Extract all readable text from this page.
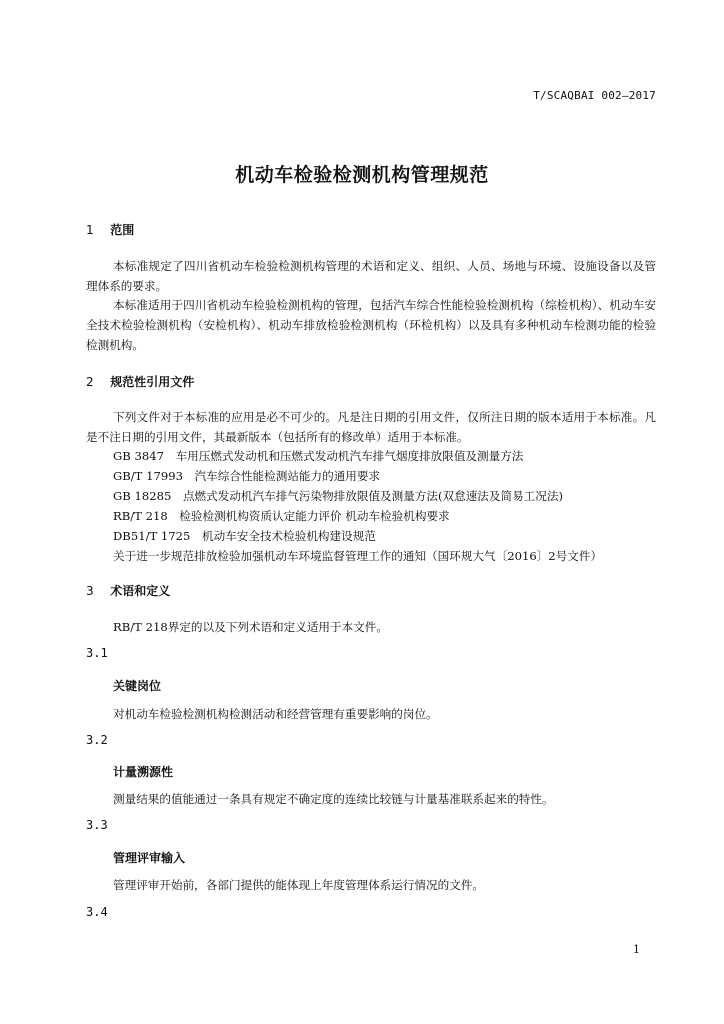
T/SCAQBAI 002—2017
机动车检验检测机构管理规范
1 范围
本标准规定了四川省机动车检验检测机构管理的术语和定义、组织、人员、场地与环境、设施设备以及管理体系的要求。
本标准适用于四川省机动车检验检测机构的管理，包括汽车综合性能检验检测机构（综检机构）、机动车安全技术检验检测机构（安检机构）、机动车排放检验检测机构（环检机构）以及具有多种机动车检测功能的检验检测机构。
2 规范性引用文件
下列文件对于本标准的应用是必不可少的。凡是注日期的引用文件，仅所注日期的版本适用于本标准。凡是不注日期的引用文件，其最新版本（包括所有的修改单）适用于本标准。
GB 3847　车用压燃式发动机和压燃式发动机汽车排气烟度排放限值及测量方法
GB/T 17993　汽车综合性能检测站能力的通用要求
GB 18285　点燃式发动机汽车排气污染物排放限值及测量方法(双怠速法及简易工况法)
RB/T 218　检验检测机构资质认定能力评价 机动车检验机构要求
DB51/T 1725　机动车安全技术检验机构建设规范
关于进一步规范排放检验加强机动车环境监督管理工作的通知（国环规大气〔2016〕2号文件）
3 术语和定义
RB/T 218界定的以及下列术语和定义适用于本文件。
3.1
关键岗位
对机动车检验检测机构检测活动和经营管理有重要影响的岗位。
3.2
计量溯源性
测量结果的值能通过一条具有规定不确定度的连续比较链与计量基准联系起来的特性。
3.3
管理评审输入
管理评审开始前，各部门提供的能体现上年度管理体系运行情况的文件。
3.4
1
